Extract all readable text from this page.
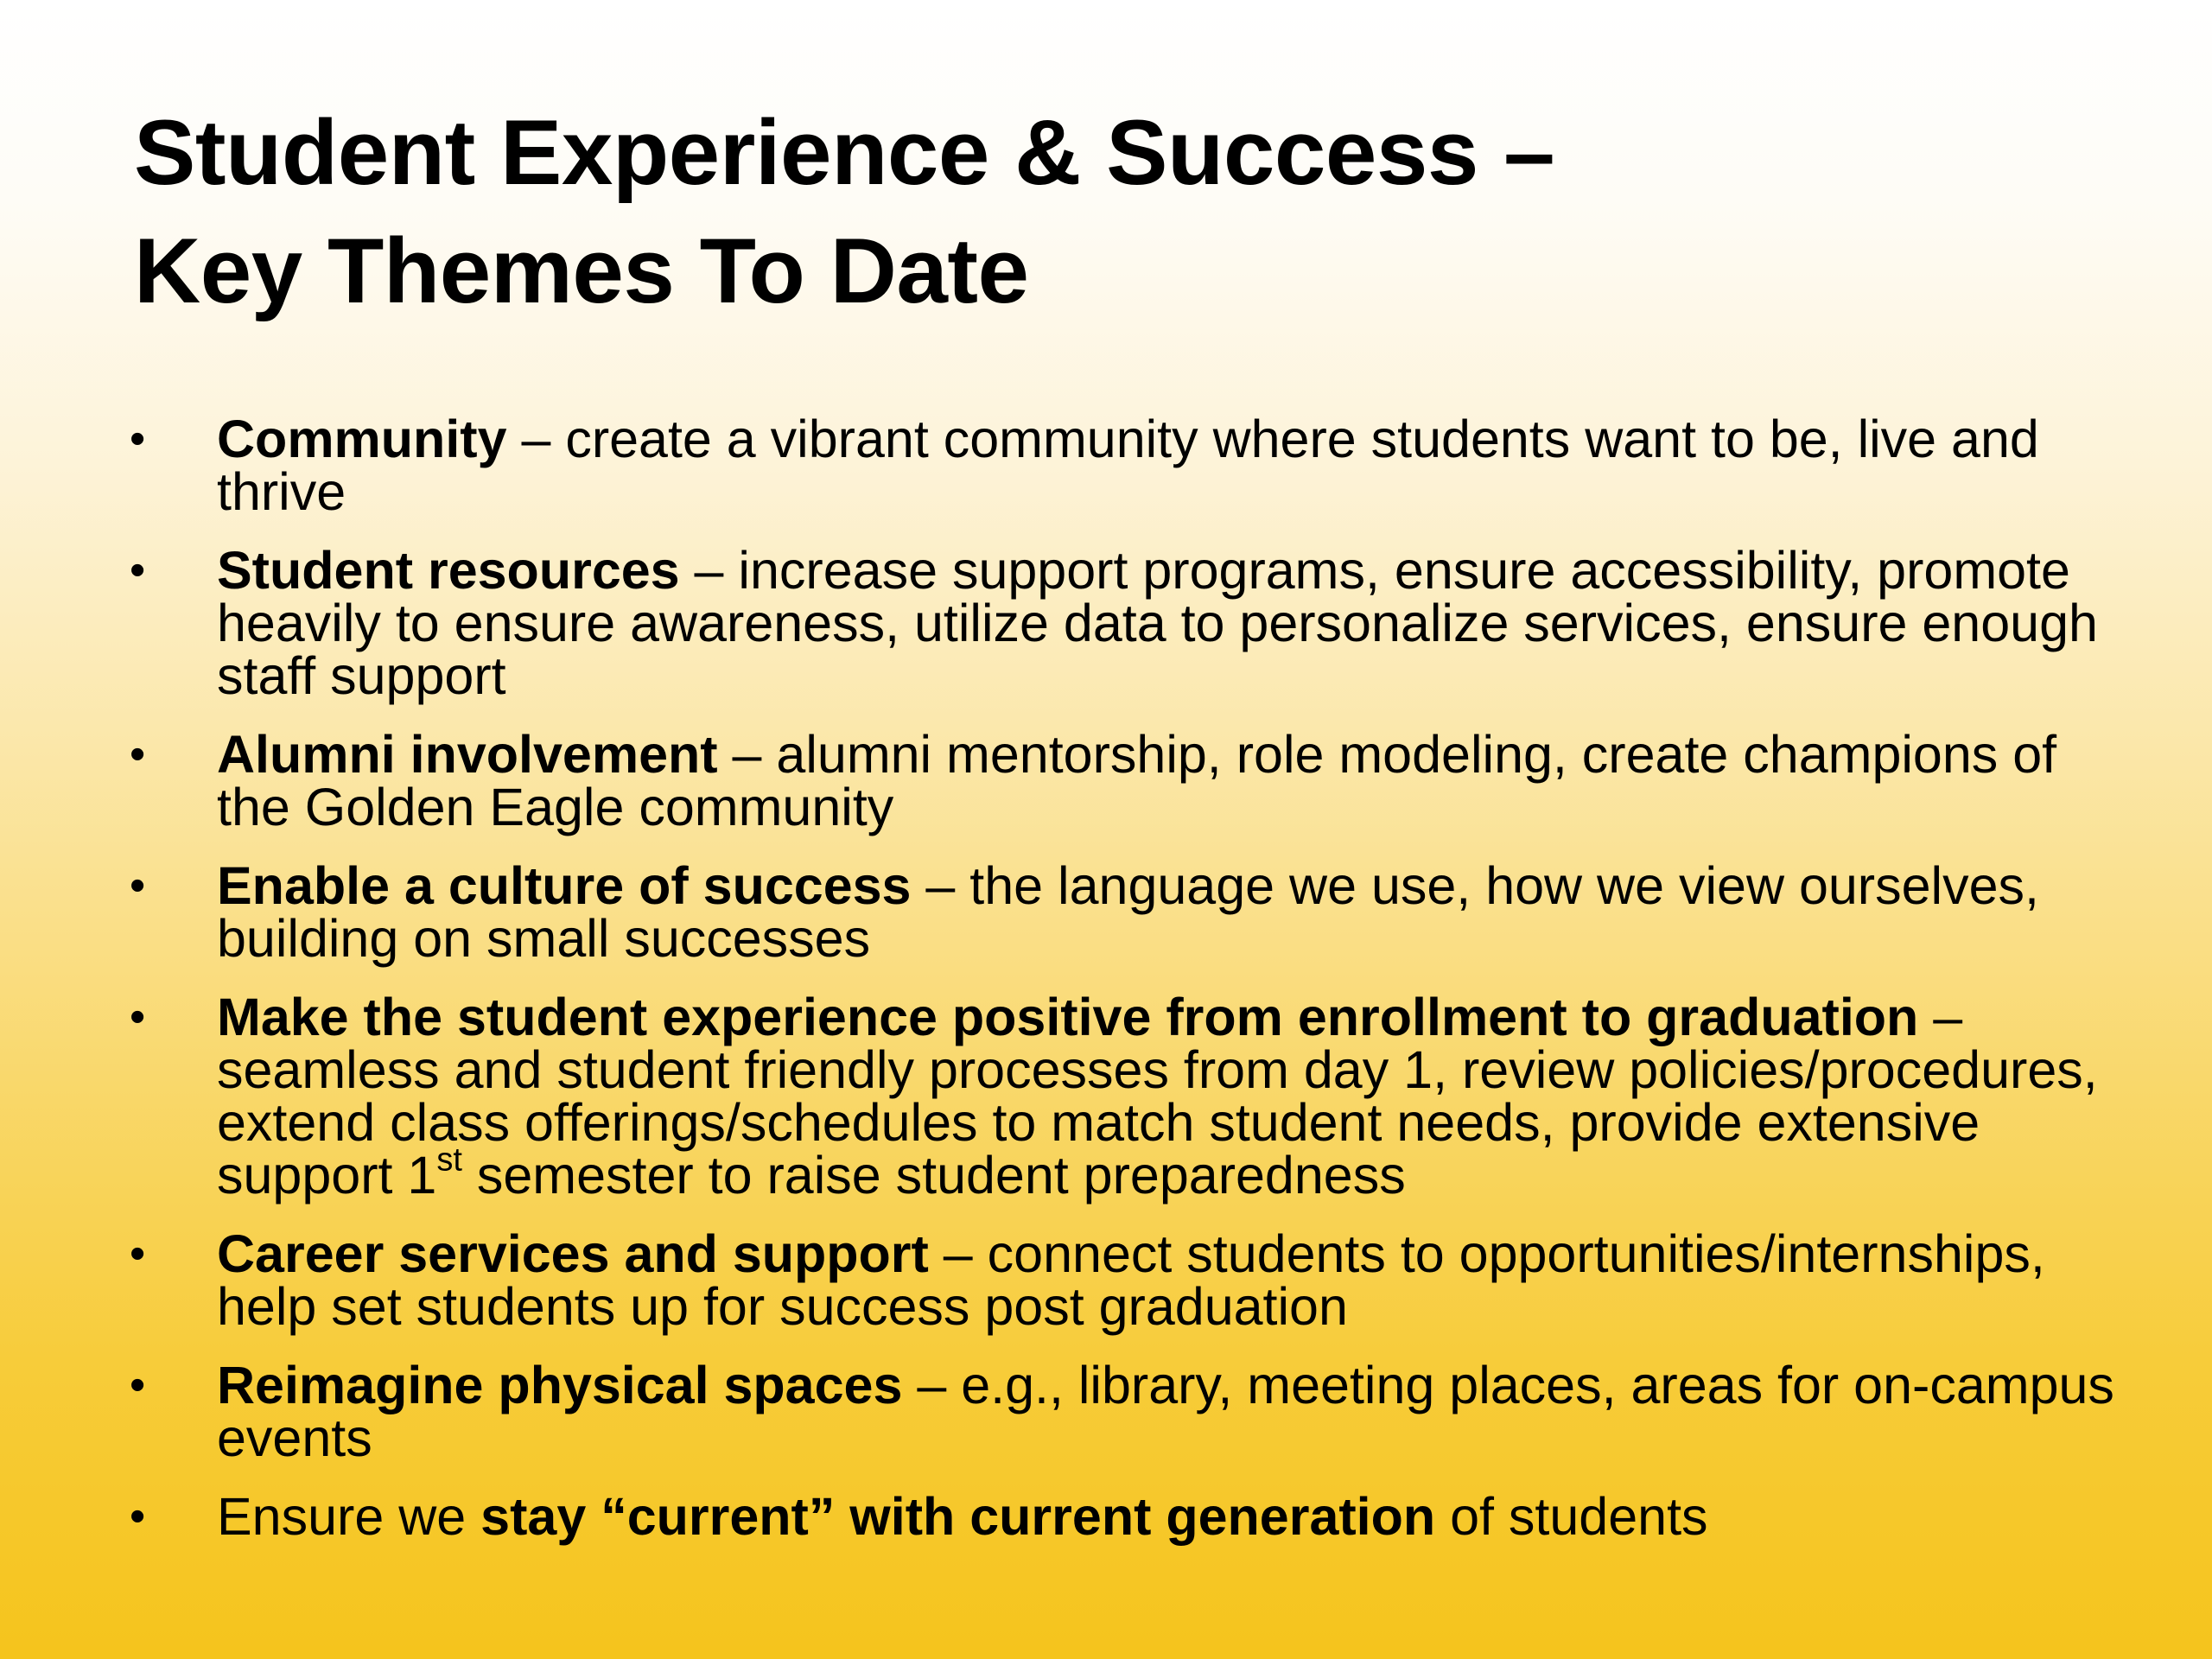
Student Experience & Success –
Key Themes To Date
• Community – create a vibrant community where students want to be, live and thrive
• Student resources – increase support programs, ensure accessibility, promote heavily to ensure awareness, utilize data to personalize services, ensure enough staff support
• Alumni involvement – alumni mentorship, role modeling, create champions of the Golden Eagle community
• Enable a culture of success – the language we use, how we view ourselves, building on small successes
• Make the student experience positive from enrollment to graduation – seamless and student friendly processes from day 1, review policies/procedures, extend class offerings/schedules to match student needs, provide extensive support 1st semester to raise student preparedness
• Career services and support – connect students to opportunities/internships, help set students up for success post graduation
• Reimagine physical spaces – e.g., library, meeting places, areas for on-campus events
• Ensure we stay “current” with current generation of students
